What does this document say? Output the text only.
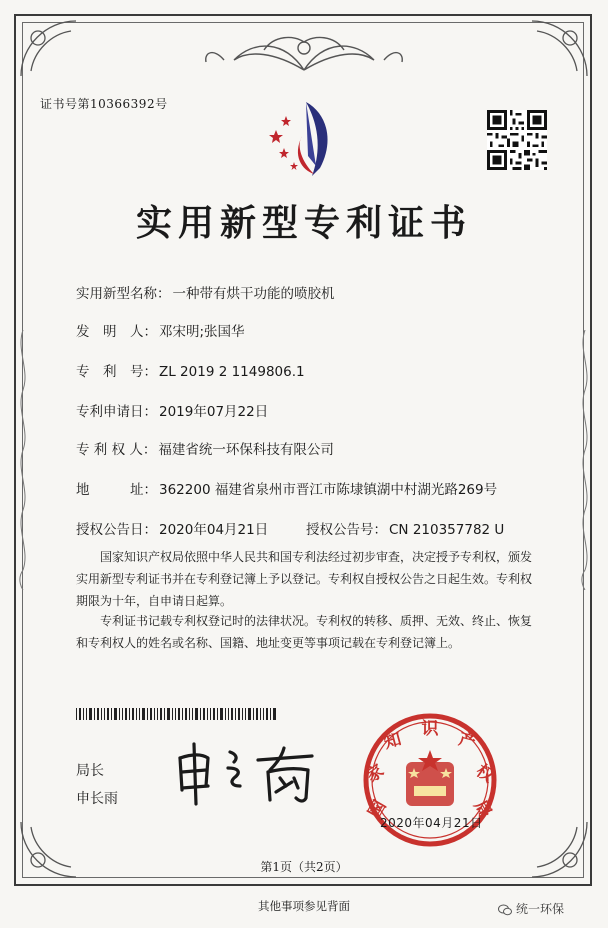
证书号第10366392号
实用新型专利证书
实用新型名称： 一种带有烘干功能的喷胶机
发　明　人： 邓宋明;张国华
专　利　号： ZL 2019 2 1149806.1
专利申请日： 2019年07月22日
专 利 权 人： 福建省统一环保科技有限公司
地　　　址： 362200 福建省泉州市晋江市陈埭镇湖中村湖光路269号
授权公告日： 2020年04月21日	授权公告号： CN 210357782 U
国家知识产权局依照中华人民共和国专利法经过初步审查，决定授予专利权，颁发实用新型专利证书并在专利登记簿上予以登记。专利权自授权公告之日起生效。专利权期限为十年，自申请日起算。
专利证书记载专利权登记时的法律状况。专利权的转移、质押、无效、终止、恢复和专利权人的姓名或名称、国籍、地址变更等事项记载在专利登记簿上。
局长
申长雨	国
家
知
识
产
权
局
2020年04月21日
第1页（共2页）
其他事项参见背面	统一环保
